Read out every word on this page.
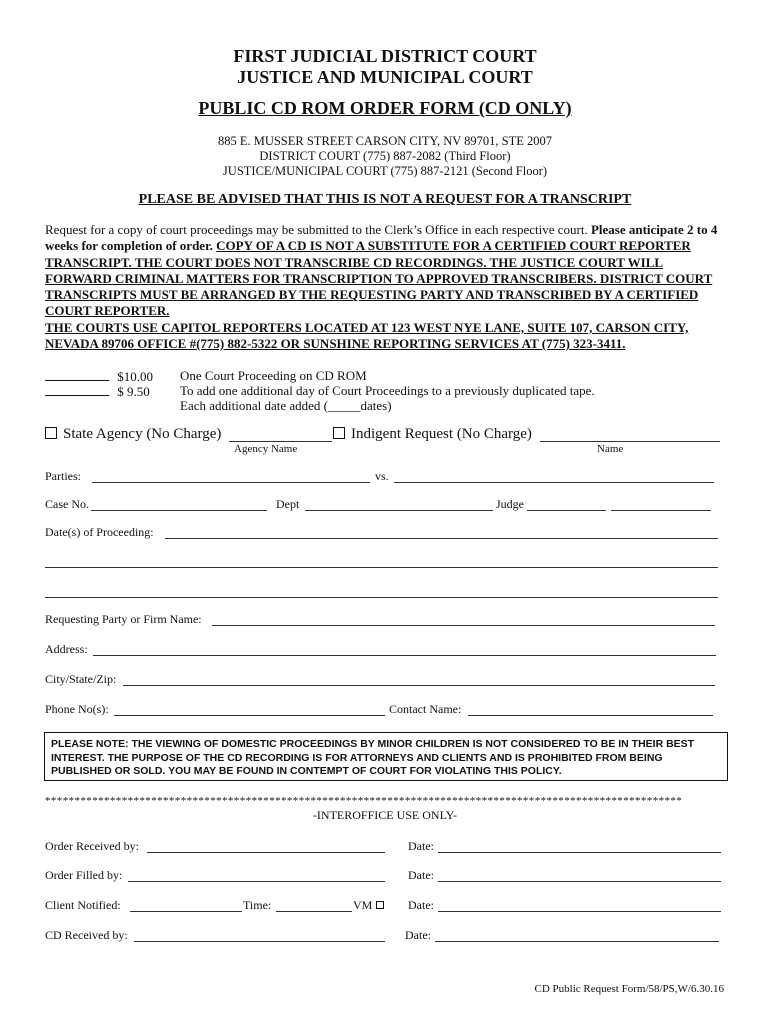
FIRST JUDICIAL DISTRICT COURT
JUSTICE AND MUNICIPAL COURT
PUBLIC CD ROM ORDER FORM (CD ONLY)
885 E. MUSSER STREET CARSON CITY, NV 89701, STE 2007
DISTRICT COURT (775) 887-2082 (Third Floor)
JUSTICE/MUNICIPAL COURT (775) 887-2121 (Second Floor)
PLEASE BE ADVISED THAT THIS IS NOT A REQUEST FOR A TRANSCRIPT
Request for a copy of court proceedings may be submitted to the Clerk’s Office in each respective court. Please anticipate 2 to 4 weeks for completion of order. COPY OF A CD IS NOT A SUBSTITUTE FOR A CERTIFIED COURT REPORTER TRANSCRIPT. THE COURT DOES NOT TRANSCRIBE CD RECORDINGS. THE JUSTICE COURT WILL FORWARD CRIMINAL MATTERS FOR TRANSCRIPTION TO APPROVED TRANSCRIBERS. DISTRICT COURT TRANSCRIPTS MUST BE ARRANGED BY THE REQUESTING PARTY AND TRANSCRIBED BY A CERTIFIED COURT REPORTER.
THE COURTS USE CAPITOL REPORTERS LOCATED AT 123 WEST NYE LANE, SUITE 107, CARSON CITY, NEVADA 89706 OFFICE #(775) 882-5322 OR SUNSHINE REPORTING SERVICES AT (775) 323-3411.
$10.00 One Court Proceeding on CD ROM
$ 9.50 To add one additional day of Court Proceedings to a previously duplicated tape.
Each additional date added (_____dates)
State Agency (No Charge)
Agency Name
Indigent Request (No Charge)
Name
Parties:	vs.
Case No.	Dept	Judge
Date(s) of Proceeding:
Requesting Party or Firm Name:
Address:
City/State/Zip:
Phone No(s):	Contact Name:
PLEASE NOTE: THE VIEWING OF DOMESTIC PROCEEDINGS BY MINOR CHILDREN IS NOT CONSIDERED TO BE IN THEIR BEST INTEREST. THE PURPOSE OF THE CD RECORDING IS FOR ATTORNEYS AND CLIENTS AND IS PROHIBITED FROM BEING PUBLISHED OR SOLD. YOU MAY BE FOUND IN CONTEMPT OF COURT FOR VIOLATING THIS POLICY.
************************************************************************************************************
-INTEROFFICE USE ONLY-
Order Received by:	Date:
Order Filled by:	Date:
Client Notified:	Time:	VM	Date:
CD Received by:	Date:
CD Public Request Form/58/PS,W/6.30.16
